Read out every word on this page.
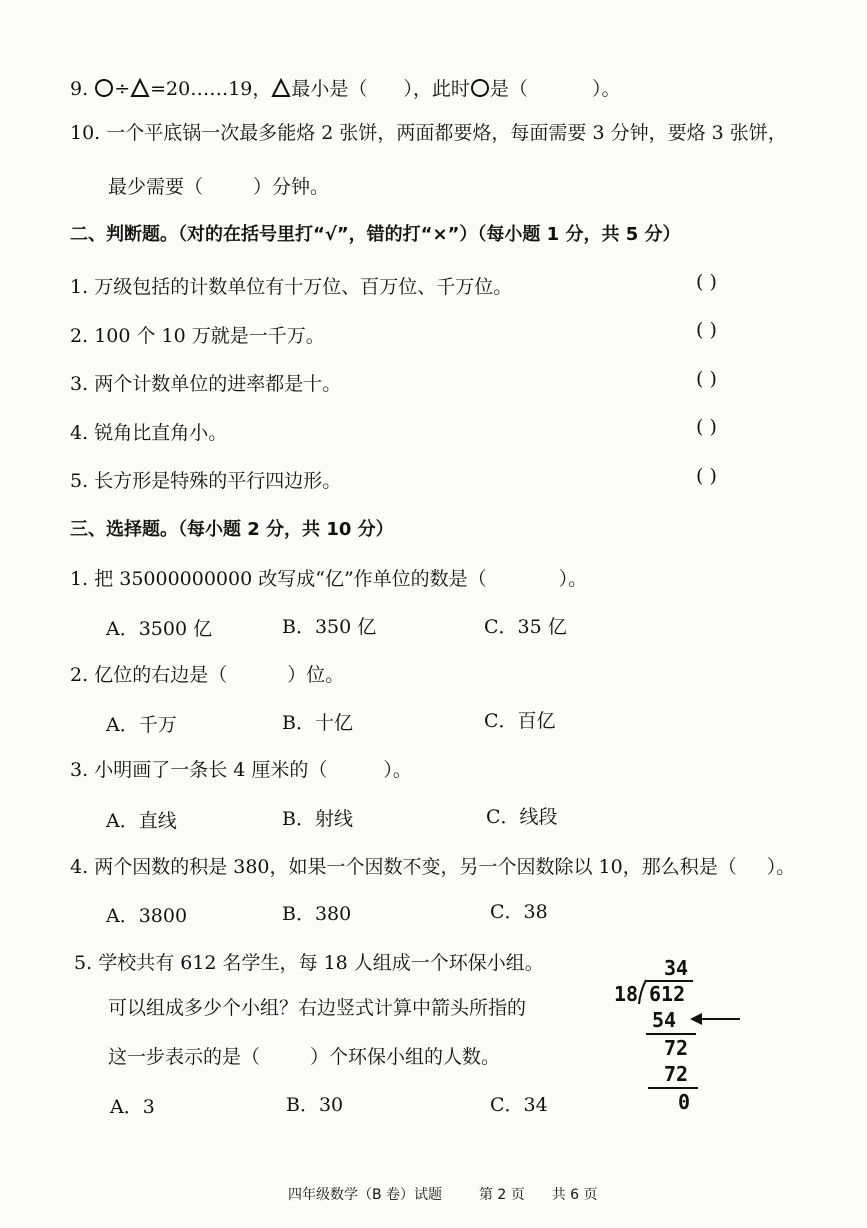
9. ÷ =20……19， 最小是（ ），此时 是（	）。
10. 一个平底锅一次最多能烙 2 张饼，两面都要烙，每面需要 3 分钟，要烙 3 张饼，
最少需要（	）分钟。
二、判断题。（对的在括号里打“√”，错的打“×”）（每小题 1 分，共 5 分）
1. 万级包括的计数单位有十万位、百万位、千万位。	( )
2. 100 个 10 万就是一千万。	( )
3. 两个计数单位的进率都是十。	( )
4. 锐角比直角小。	( )
5. 长方形是特殊的平行四边形。	( )
三、选择题。（每小题 2 分，共 10 分）
1. 把 35000000000 改写成“亿”作单位的数是（	）。
A．3500 亿	B．350 亿	C．35 亿
2. 亿位的右边是（	）位。
A．千万	B．十亿	C．百亿
3. 小明画了一条长 4 厘米的（	）。
A．直线	B．射线	C．线段
4. 两个因数的积是 380，如果一个因数不变，另一个因数除以 10，那么积是（ ）。
A．3800	B．380	C．38
5. 学校共有 612 名学生，每 18 人组成一个环保小组。
可以组成多少个小组？右边竖式计算中箭头所指的
这一步表示的是（	）个环保小组的人数。
A．3	B．30	C．34
34
18 612
54
72
72
0
四年级数学（B 卷）试题	第 2 页 共 6 页
